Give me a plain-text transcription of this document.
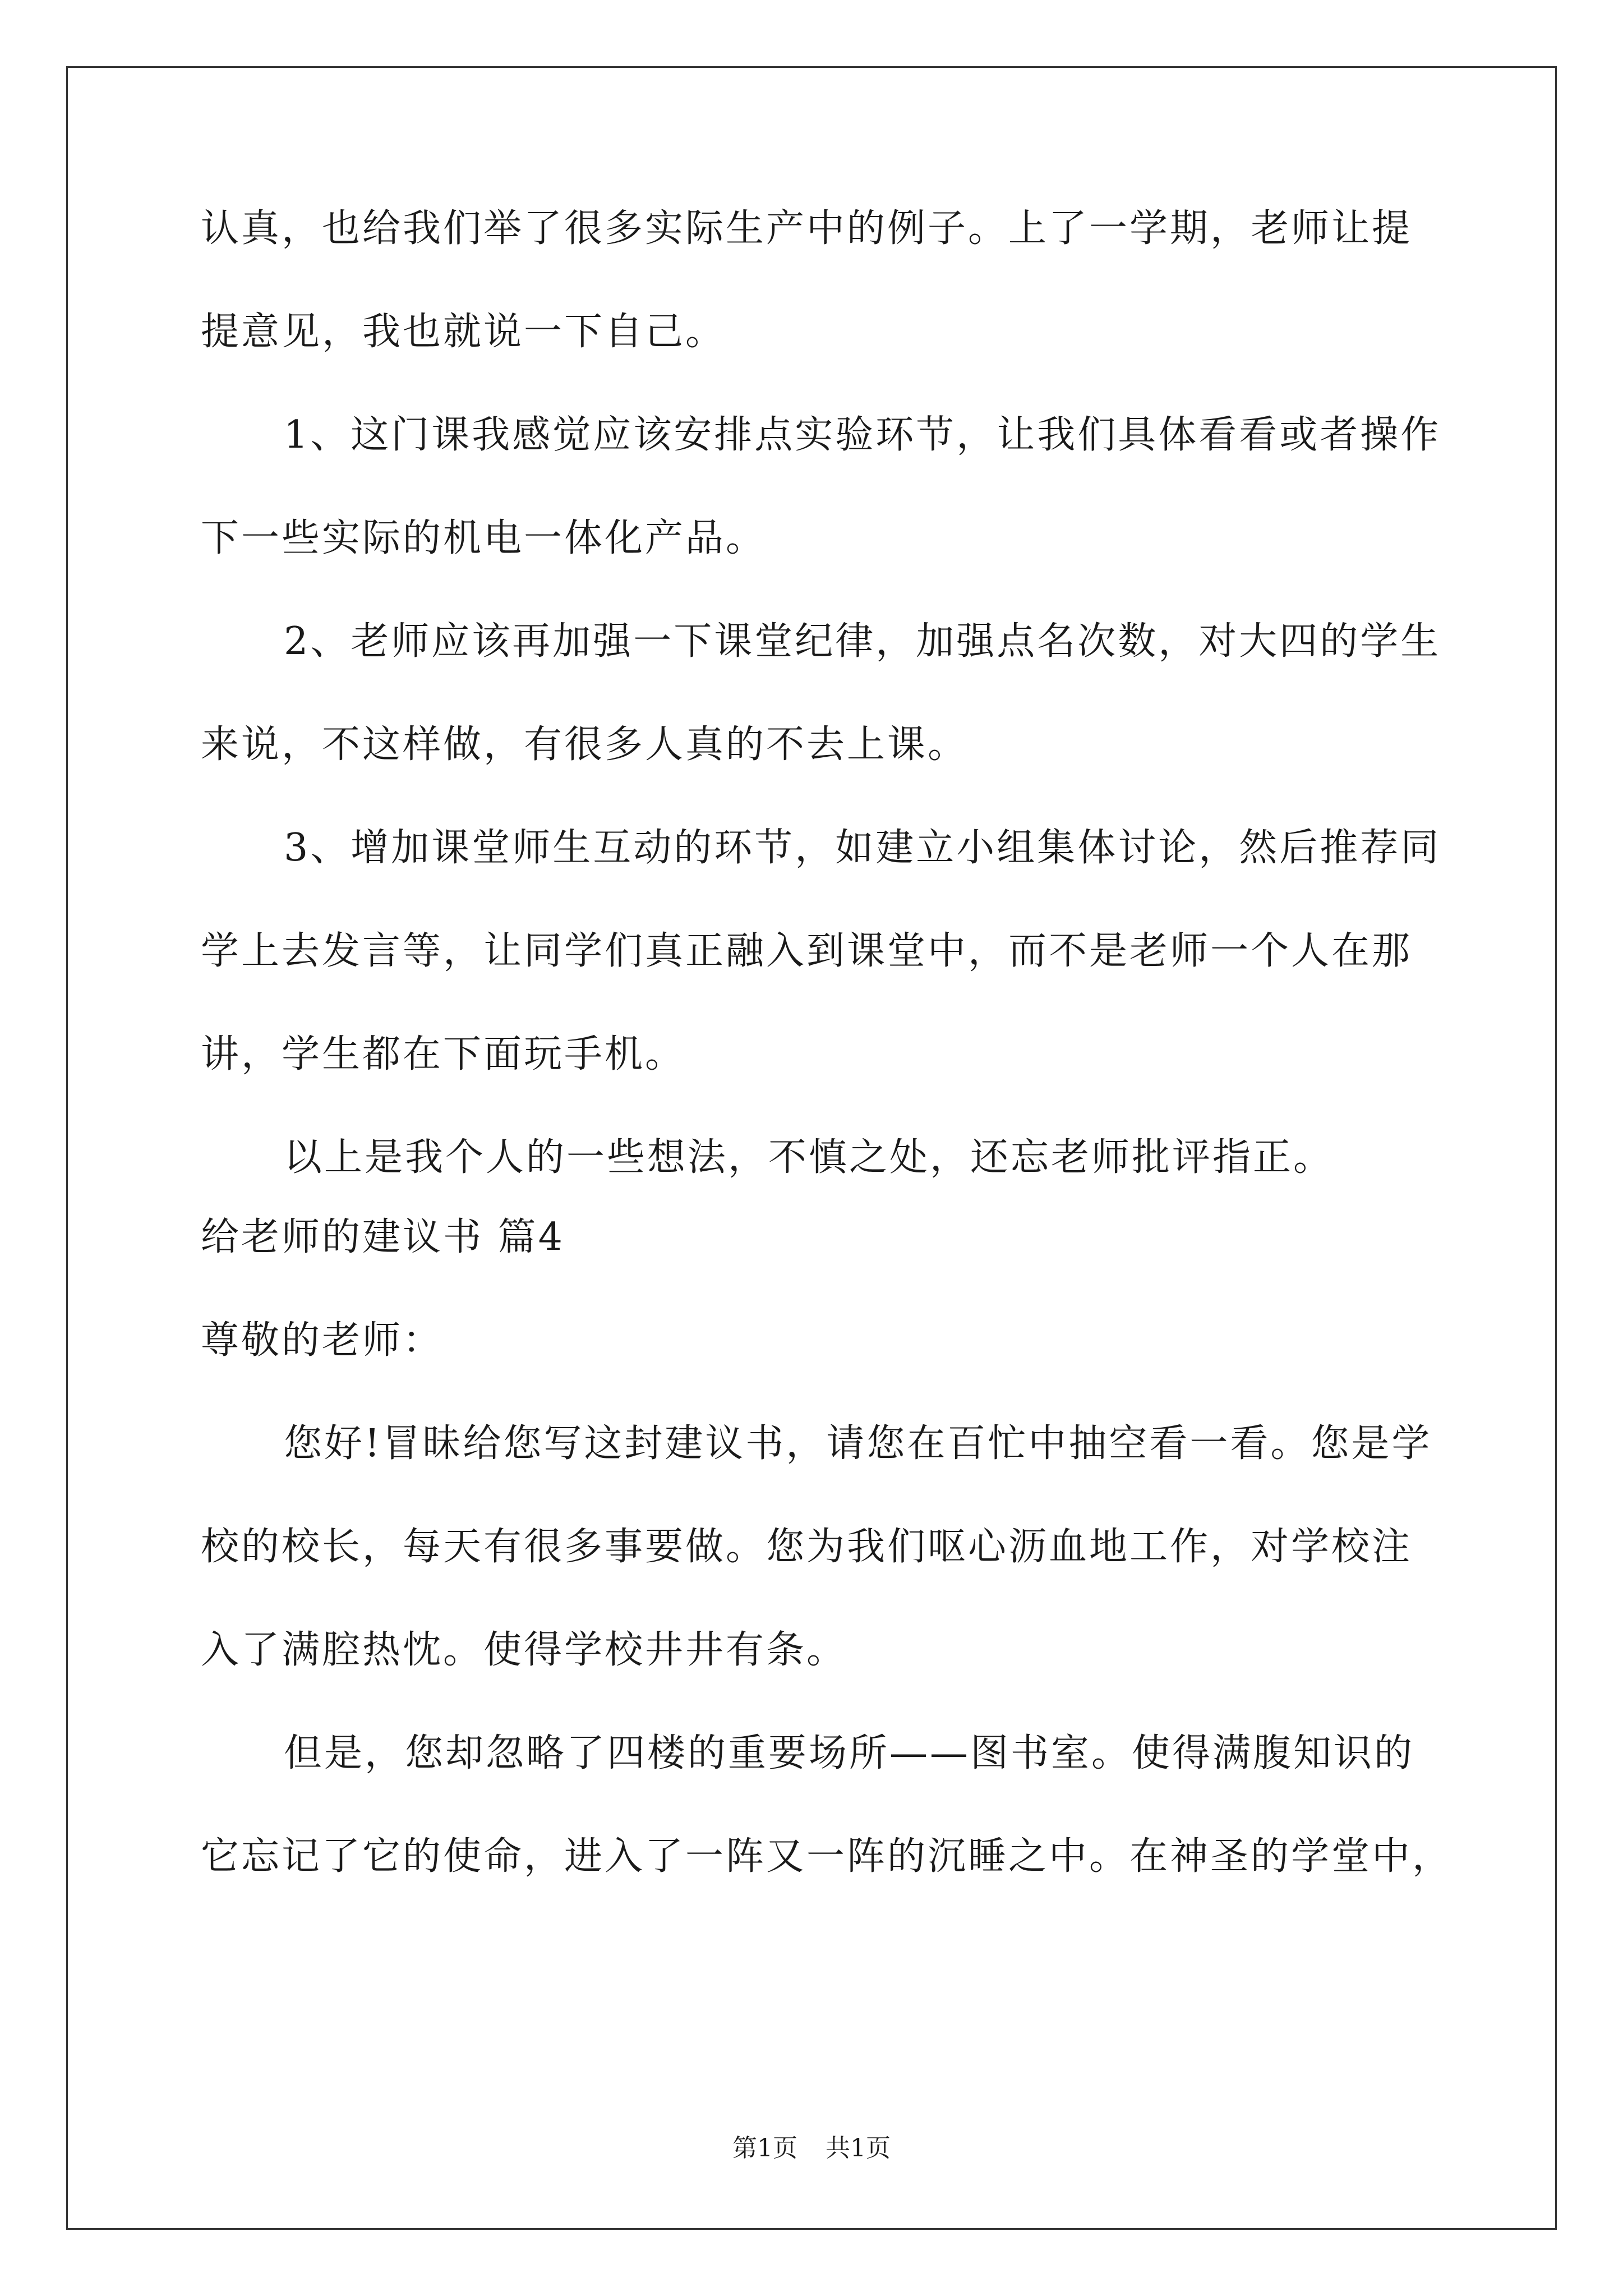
认真，也给我们举了很多实际生产中的例子。上了一学期，老师让提
提意见，我也就说一下自己。
1、这门课我感觉应该安排点实验环节，让我们具体看看或者操作
下一些实际的机电一体化产品。
2、老师应该再加强一下课堂纪律，加强点名次数，对大四的学生
来说，不这样做，有很多人真的不去上课。
3、增加课堂师生互动的环节，如建立小组集体讨论，然后推荐同
学上去发言等，让同学们真正融入到课堂中，而不是老师一个人在那
讲，学生都在下面玩手机。
以上是我个人的一些想法，不慎之处，还忘老师批评指正。
给老师的建议书 篇4
尊敬的老师：
您好!冒昧给您写这封建议书，请您在百忙中抽空看一看。您是学
校的校长，每天有很多事要做。您为我们呕心沥血地工作，对学校注
入了满腔热忱。使得学校井井有条。
但是，您却忽略了四楼的重要场所——图书室。使得满腹知识的
它忘记了它的使命，进入了一阵又一阵的沉睡之中。在神圣的学堂中，
第1页 共1页
